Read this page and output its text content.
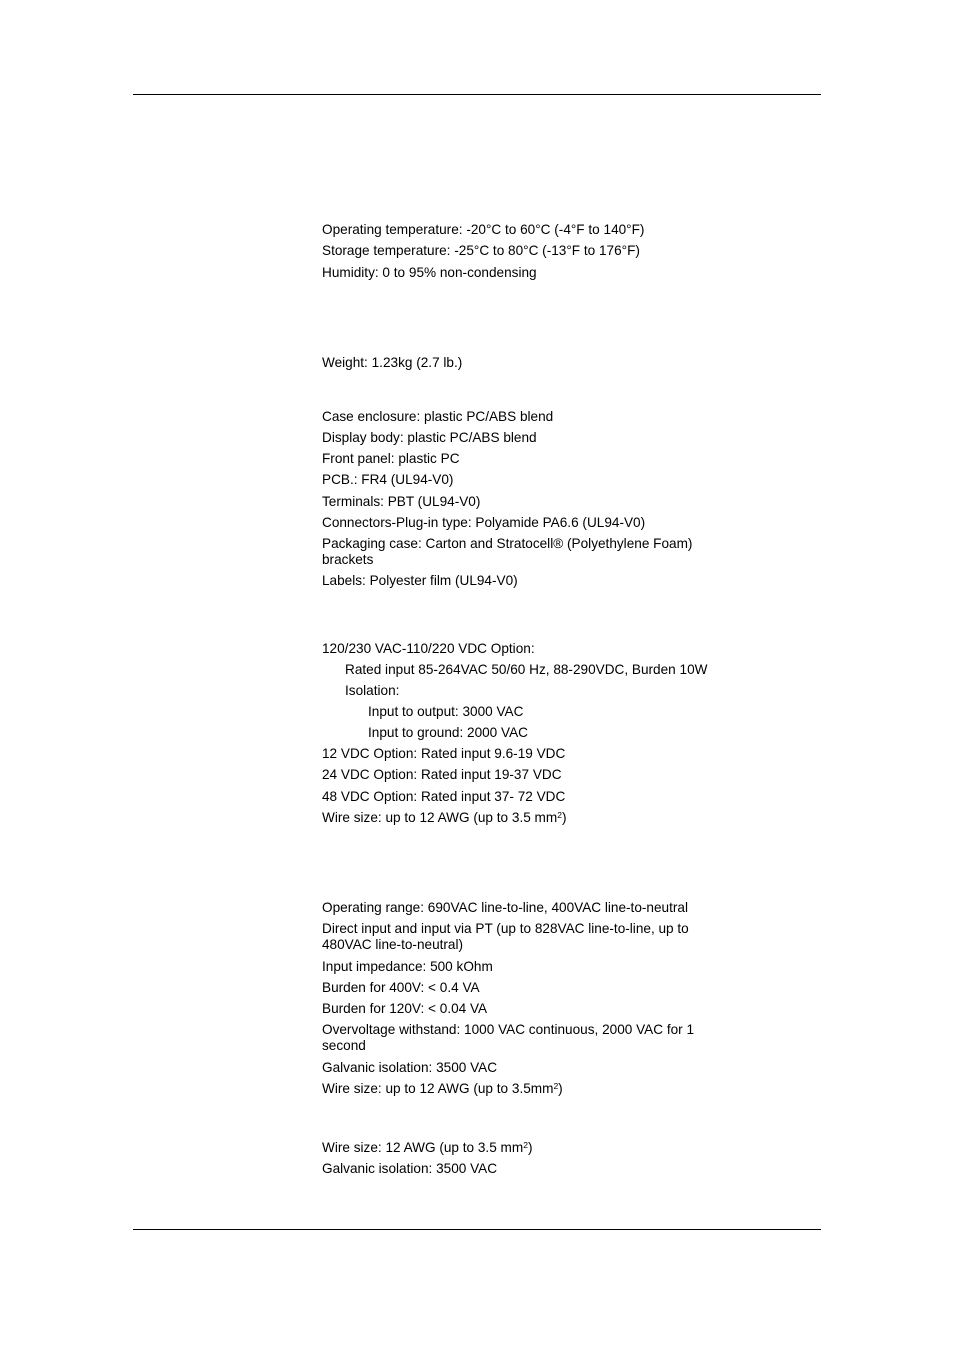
Operating temperature: -20°C to 60°C (-4°F to 140°F)
Storage temperature: -25°C to 80°C (-13°F to 176°F)
Humidity: 0 to 95% non-condensing
Weight: 1.23kg (2.7 lb.)
Case enclosure: plastic PC/ABS blend
Display body: plastic PC/ABS blend
Front panel: plastic PC
PCB.: FR4 (UL94-V0)
Terminals: PBT (UL94-V0)
Connectors-Plug-in type: Polyamide PA6.6 (UL94-V0)
Packaging case: Carton and Stratocell® (Polyethylene Foam) brackets
Labels: Polyester film (UL94-V0)
120/230 VAC-110/220 VDC Option:
Rated input 85-264VAC 50/60 Hz, 88-290VDC, Burden 10W
Isolation:
Input to output: 3000 VAC
Input to ground: 2000 VAC
12 VDC Option: Rated input 9.6-19 VDC
24 VDC Option: Rated input 19-37 VDC
48 VDC Option: Rated input 37- 72 VDC
Wire size: up to 12 AWG (up to 3.5 $mm^2$)
Operating range: 690VAC line-to-line, 400VAC line-to-neutral
Direct input and input via PT (up to 828VAC line-to-line, up to 480VAC line-to-neutral)
Input impedance: 500 kOhm
Burden for 400V: < 0.4 VA
Burden for 120V: < 0.04 VA
Overvoltage withstand: 1000 VAC continuous, 2000 VAC for 1 second
Galvanic isolation: 3500 VAC
Wire size: up to 12 AWG (up to $3.5mm^2$)
Wire size: 12 AWG (up to 3.5 $mm^2$)
Galvanic isolation: 3500 VAC
